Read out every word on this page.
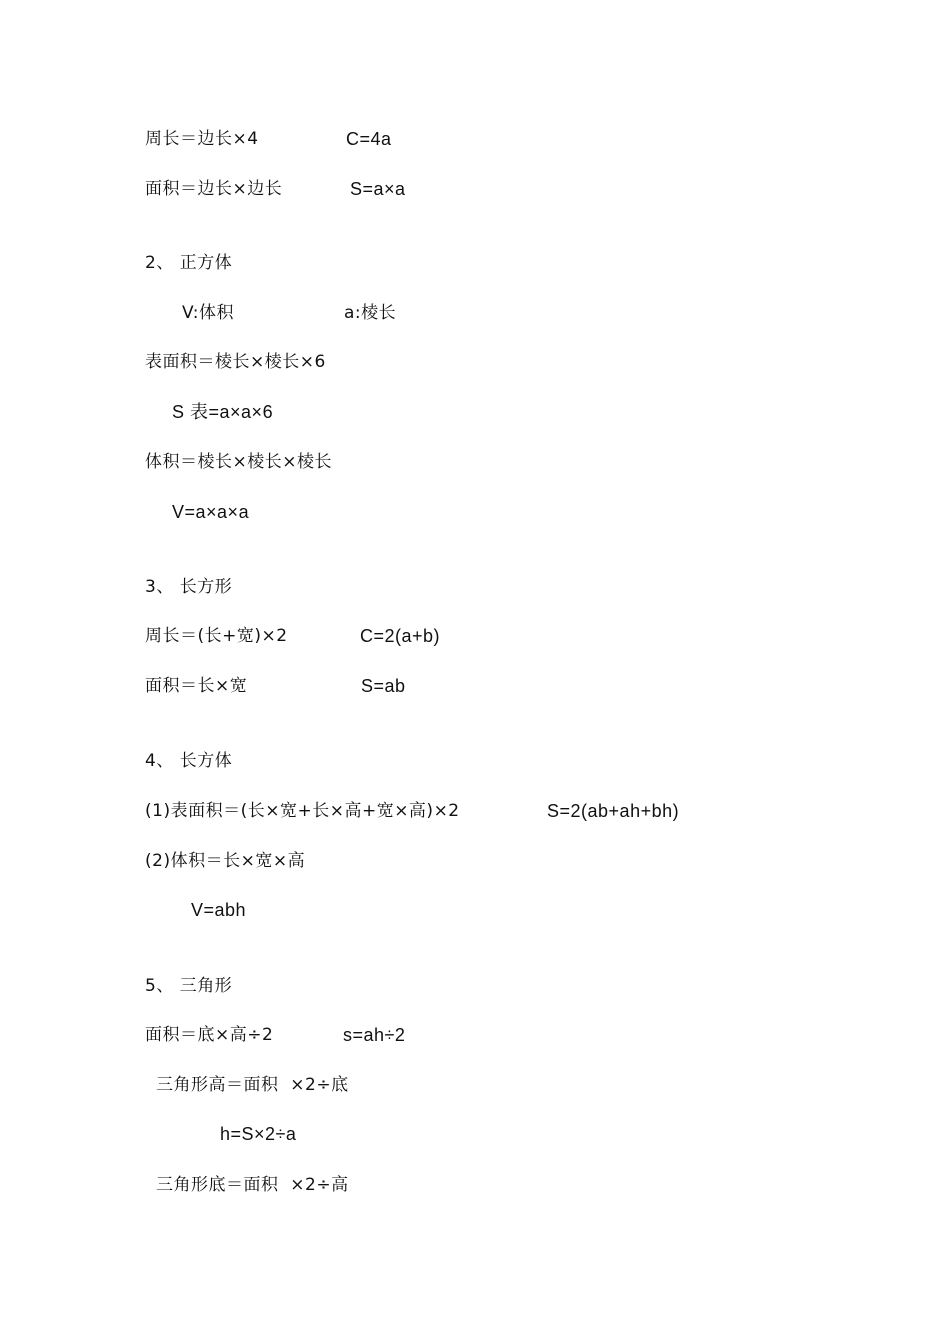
周长＝边长×4	C=4a
面积＝边长×边长	S=a×a
2、 正方体
V:体积	a:棱长
表面积＝棱长×棱长×6
S 表=a×a×6
体积＝棱长×棱长×棱长
V=a×a×a
3、 长方形
周长＝(长+宽)×2	C=2(a+b)
面积＝长×宽	S=ab
4、 长方体
(1)表面积＝(长×宽+长×高+宽×高)×2	S=2(ab+ah+bh)
(2)体积＝长×宽×高
V=abh
5、 三角形
面积＝底×高÷2	s=ah÷2
三角形高＝面积  ×2÷底
h=S×2÷a
三角形底＝面积  ×2÷高
